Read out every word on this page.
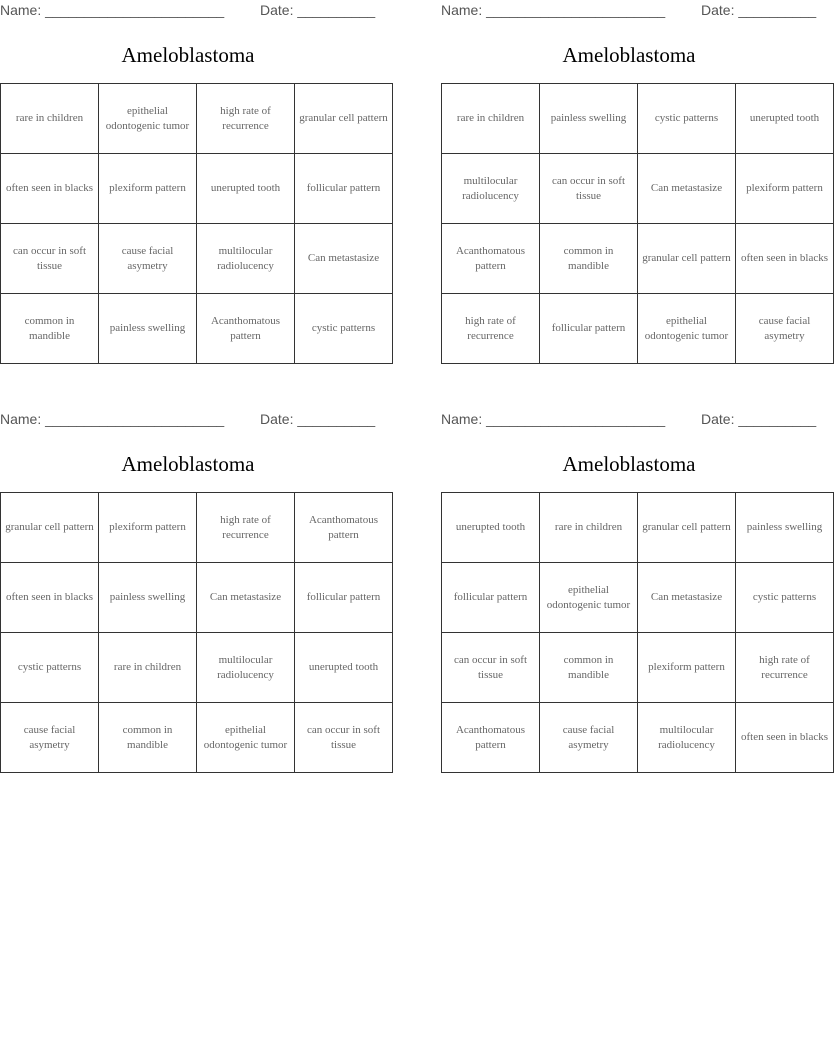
Name: _______________________	Date: __________
Ameloblastoma
rare in children	epithelial odontogenic tumor	high rate of recurrence	granular cell pattern
often seen in blacks	plexiform pattern	unerupted tooth	follicular pattern
can occur in soft tissue	cause facial asymetry	multilocular radiolucency	Can metastasize
common in mandible	painless swelling	Acanthomatous pattern	cystic patterns
Name: _______________________	Date: __________
Ameloblastoma
rare in children	painless swelling	cystic patterns	unerupted tooth
multilocular radiolucency	can occur in soft tissue	Can metastasize	plexiform pattern
Acanthomatous pattern	common in mandible	granular cell pattern	often seen in blacks
high rate of recurrence	follicular pattern	epithelial odontogenic tumor	cause facial asymetry
Name: _______________________	Date: __________
Ameloblastoma
granular cell pattern	plexiform pattern	high rate of recurrence	Acanthomatous pattern
often seen in blacks	painless swelling	Can metastasize	follicular pattern
cystic patterns	rare in children	multilocular radiolucency	unerupted tooth
cause facial asymetry	common in mandible	epithelial odontogenic tumor	can occur in soft tissue
Name: _______________________	Date: __________
Ameloblastoma
unerupted tooth	rare in children	granular cell pattern	painless swelling
follicular pattern	epithelial odontogenic tumor	Can metastasize	cystic patterns
can occur in soft tissue	common in mandible	plexiform pattern	high rate of recurrence
Acanthomatous pattern	cause facial asymetry	multilocular radiolucency	often seen in blacks
